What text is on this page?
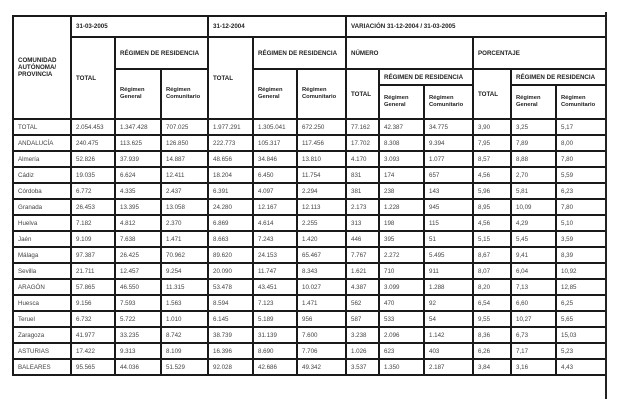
COMUNIDAD AUTÓNOMA/ PROVINCIA	31-03-2005			31-12-2004			VARIACIÓN 31-12-2004 / 31-03-2005					
	TOTAL	RÉGIMEN DE RESIDENCIA		TOTAL	RÉGIMEN DE RESIDENCIA		NÚMERO			PORCENTAJE		
		Régimen General	Régimen Comunitario		Régimen General	Régimen Comunitario	TOTAL	RÉGIMEN DE RESIDENCIA		TOTAL	RÉGIMEN DE RESIDENCIA	
								Régimen General	Régimen Comunitario		Régimen General	Régimen Comunitario
TOTAL	2.054.453	1.347.428	707.025	1.977.291	1.305.041	672.250	77.162	42.387	34.775	3,90	3,25	5,17
ANDALUCÍA	240.475	113.625	126.850	222.773	105.317	117.456	17.702	8.308	9.394	7,95	7,89	8,00
Almería	52.826	37.939	14.887	48.656	34.846	13.810	4.170	3.093	1.077	8,57	8,88	7,80
Cádiz	19.035	6.624	12.411	18.204	6.450	11.754	831	174	657	4,56	2,70	5,59
Córdoba	6.772	4.335	2.437	6.391	4.097	2.294	381	238	143	5,96	5,81	6,23
Granada	26.453	13.395	13.058	24.280	12.167	12.113	2.173	1.228	945	8,95	10,09	7,80
Huelva	7.182	4.812	2.370	6.869	4.614	2.255	313	198	115	4,56	4,29	5,10
Jaén	9.109	7.638	1.471	8.663	7.243	1.420	446	395	51	5,15	5,45	3,59
Málaga	97.387	26.425	70.962	89.620	24.153	65.467	7.767	2.272	5.495	8,67	9,41	8,39
Sevilla	21.711	12.457	9.254	20.090	11.747	8.343	1.621	710	911	8,07	6,04	10,92
ARAGÓN	57.865	46.550	11.315	53.478	43.451	10.027	4.387	3.099	1.288	8,20	7,13	12,85
Huesca	9.156	7.593	1.563	8.594	7.123	1.471	562	470	92	6,54	6,60	6,25
Teruel	6.732	5.722	1.010	6.145	5.189	956	587	533	54	9,55	10,27	5,65
Zaragoza	41.977	33.235	8.742	38.739	31.139	7.600	3.238	2.096	1.142	8,36	6,73	15,03
ASTURIAS	17.422	9.313	8.109	16.396	8.690	7.706	1.026	623	403	6,26	7,17	5,23
BALEARES	95.565	44.036	51.529	92.028	42.686	49.342	3.537	1.350	2.187	3,84	3,16	4,43
